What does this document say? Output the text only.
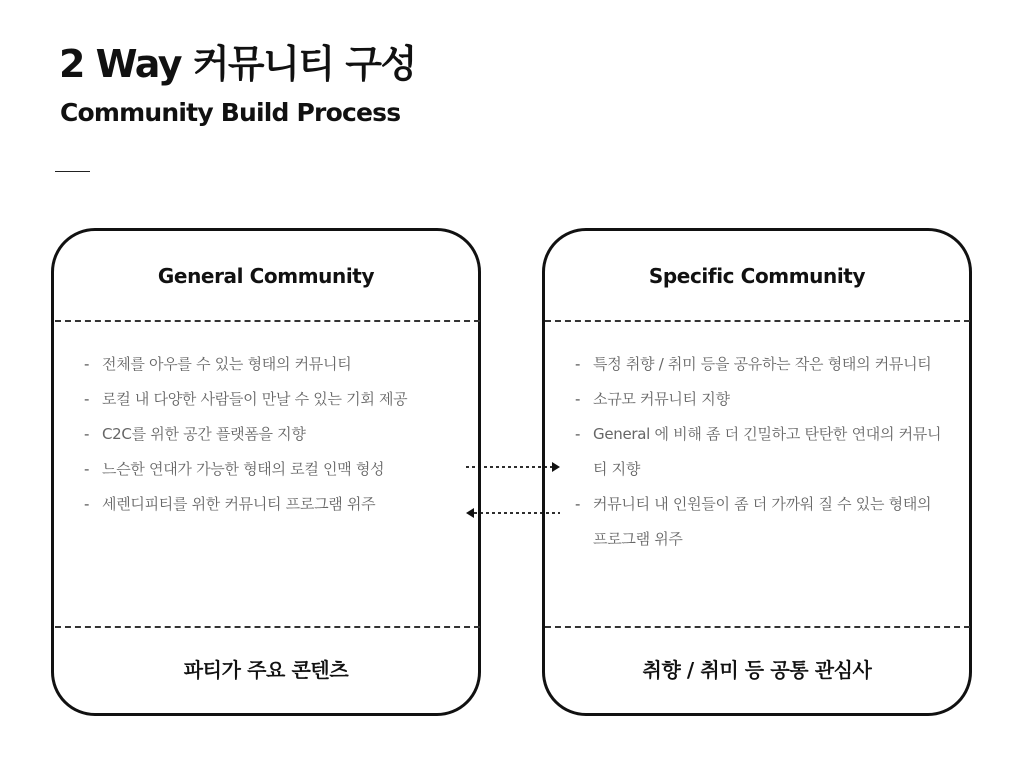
2 Way 커뮤니티 구성
Community Build Process
General Community
파티가 주요 콘텐츠
- 전체를 아우를 수 있는 형태의 커뮤니티
- 로컬 내 다양한 사람들이 만날 수 있는 기회 제공
- C2C를 위한 공간 플랫폼을 지향
- 느슨한 연대가 가능한 형태의 로컬 인맥 형성
- 세렌디피티를 위한 커뮤니티 프로그램 위주
Specific Community
취향 / 취미 등 공통 관심사
- 특정 취향 / 취미 등을 공유하는 작은 형태의 커뮤니티
- 소규모 커뮤니티 지향
- General 에 비해 좀 더 긴밀하고 탄탄한 연대의 커뮤니티 지향
- 커뮤니티 내 인원들이 좀 더 가까워 질 수 있는 형태의 프로그램 위주
